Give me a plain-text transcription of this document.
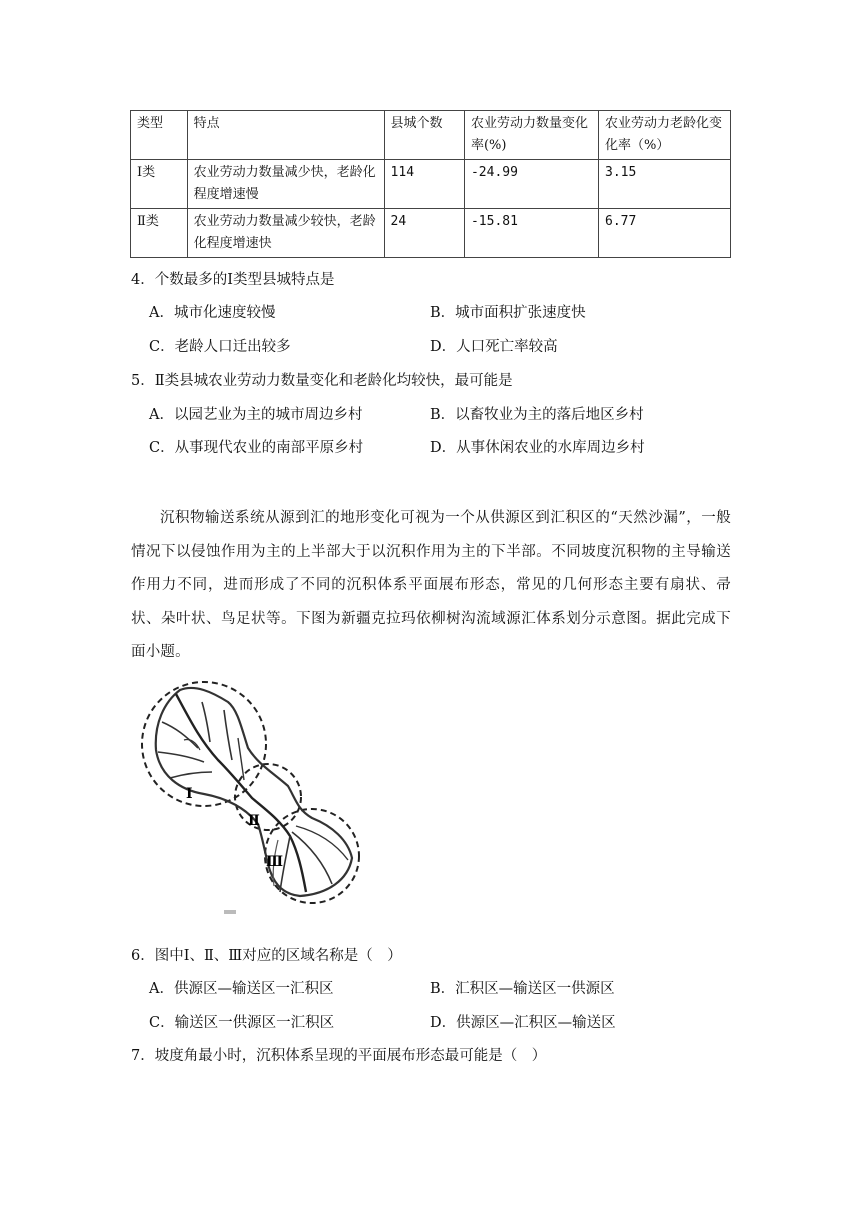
类型	特点	县城个数	农业劳动力数量变化率(%)	农业劳动力老龄化变化率（%）
Ⅰ类	农业劳动力数量减少快，老龄化程度增速慢	114	-24.99	3.15
Ⅱ类	农业劳动力数量减少较快，老龄化程度增速快	24	-15.81	6.77
4．个数最多的Ⅰ类型县城特点是
A．城市化速度较慢	B．城市面积扩张速度快
C．老龄人口迁出较多	D．人口死亡率较高
5．Ⅱ类县城农业劳动力数量变化和老龄化均较快，最可能是
A．以园艺业为主的城市周边乡村	B．以畜牧业为主的落后地区乡村
C．从事现代农业的南部平原乡村	D．从事休闲农业的水库周边乡村
沉积物输送系统从源到汇的地形变化可视为一个从供源区到汇积区的“天然沙漏”，一般情况下以侵蚀作用为主的上半部大于以沉积作用为主的下半部。不同坡度沉积物的主导输送作用力不同，进而形成了不同的沉积体系平面展布形态，常见的几何形态主要有扇状、帚状、朵叶状、鸟足状等。下图为新疆克拉玛依柳树沟流域源汇体系划分示意图。据此完成下面小题。
Ⅰ
Ⅱ
Ⅲ
6．图中Ⅰ、Ⅱ、Ⅲ对应的区域名称是（　）
A．供源区—输送区一汇积区	B．汇积区—输送区一供源区
C．输送区一供源区一汇积区	D．供源区—汇积区—输送区
7．坡度角最小时，沉积体系呈现的平面展布形态最可能是（　）
